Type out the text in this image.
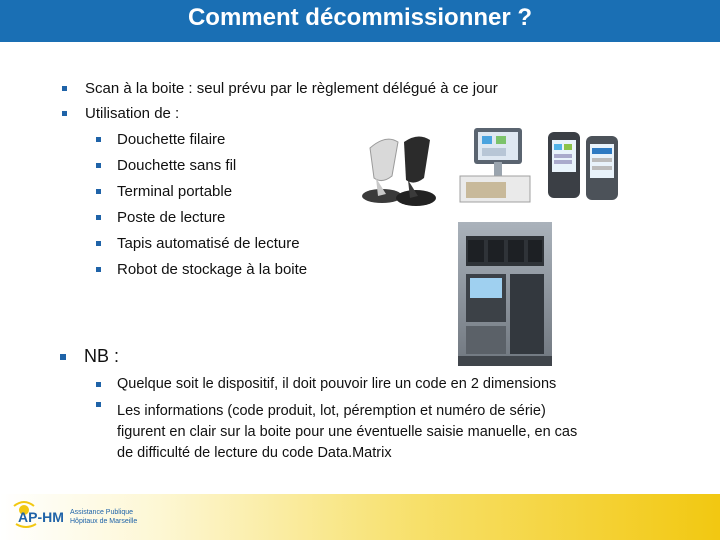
Comment décommissionner ?
Scan à la boite : seul prévu par le règlement délégué à ce jour
Utilisation de :
Douchette filaire
Douchette sans fil
Terminal portable
Poste de lecture
Tapis automatisé de lecture
Robot de stockage à la boite
NB :
Quelque soit le dispositif, il doit pouvoir lire un code en 2 dimensions
Les informations (code produit, lot, péremption et numéro de série)
figurent en clair sur la boite pour une éventuelle saisie manuelle, en cas
de difficulté de lecture du code Data.Matrix
AP-HM Assistance Publique
Hôpitaux de Marseille
